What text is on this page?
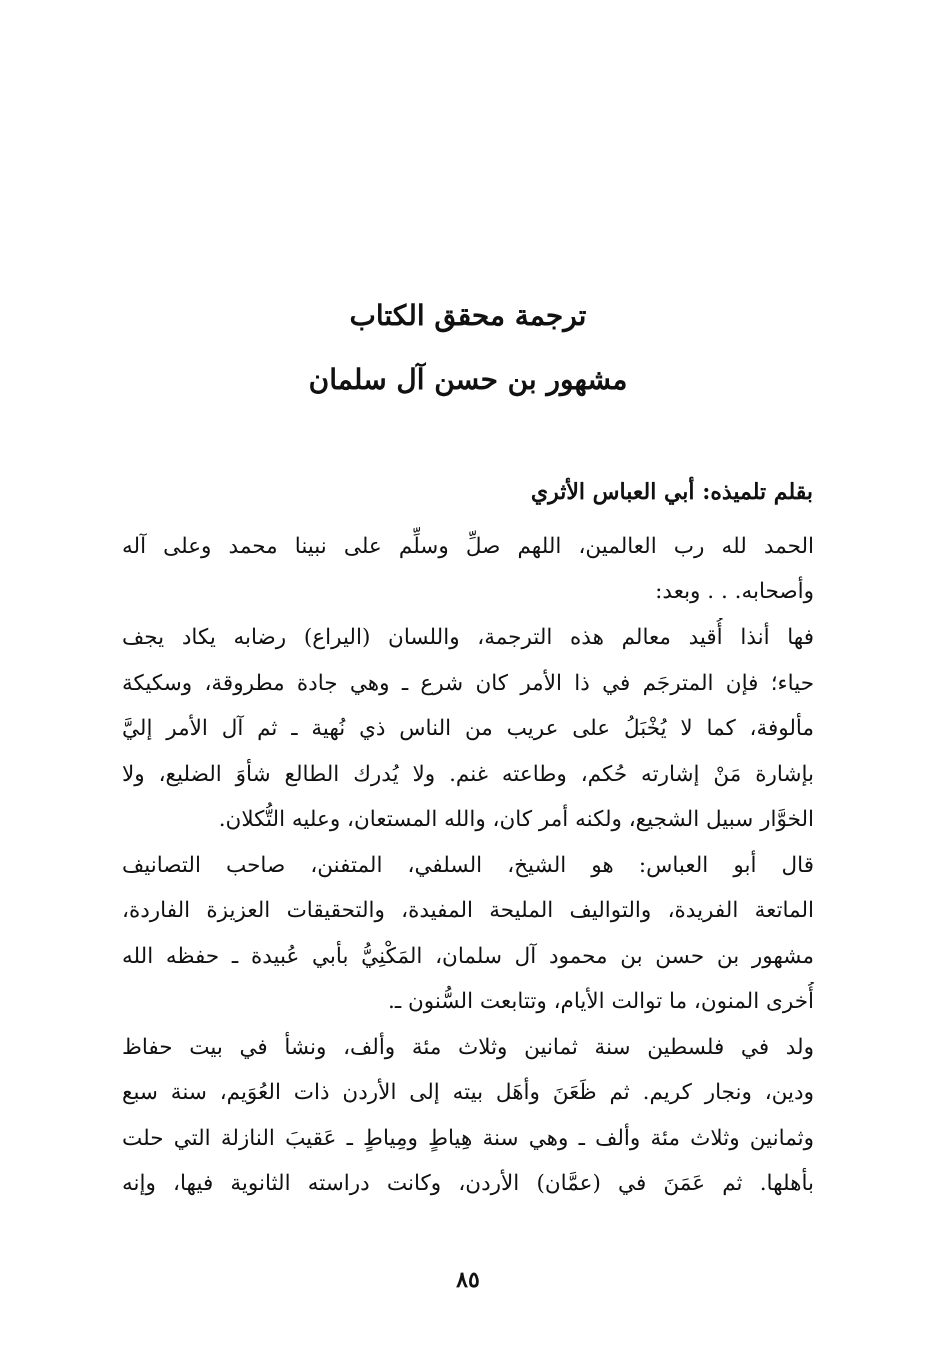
ترجمة محقق الكتاب
مشهور بن حسن آل سلمان
بقلم تلميذه: أبي العباس الأثري
الحمد لله رب العالمين، اللهم صلِّ وسلِّم على نبينا محمد وعلى آله
وأصحابه. . . وبعد:
فها أنذا أُقيد معالم هذه الترجمة، واللسان (اليراع) رضابه يكاد يجف
حياء؛ فإن المترجَم في ذا الأمر كان شرع ـ وهي جادة مطروقة، وسكيكة
مألوفة، كما لا يُخْبَلُ على عريب من الناس ذي نُهية ـ ثم آل الأمر إليَّ
بإشارة مَنْ إشارته حُكم، وطاعته غنم. ولا يُدرك الطالع شأوَ الضليع، ولا
الخوَّار سبيل الشجيع، ولكنه أمر كان، والله المستعان، وعليه التُّكلان.
قال أبو العباس: هو الشيخ، السلفي، المتفنن، صاحب التصانيف
الماتعة الفريدة، والتواليف المليحة المفيدة، والتحقيقات العزيزة الفاردة،
مشهور بن حسن بن محمود آل سلمان، المَكْنِيُّ بأبي عُبيدة ـ حفظه الله
أُخرى المنون، ما توالت الأيام، وتتابعت السُّنون ـ.
ولد في فلسطين سنة ثمانين وثلاث مئة وألف، ونشأ في بيت حفاظ
ودين، ونجار كريم. ثم ظَعَنَ وأهَل بيته إلى الأردن ذات العُوَيم، سنة سبع
وثمانين وثلاث مئة وألف ـ وهي سنة هِياطٍ ومِياطٍ ـ عَقيبَ النازلة التي حلت
بأهلها. ثم عَمَنَ في (عمَّان) الأردن، وكانت دراسته الثانوية فيها، وإنه
٨٥
